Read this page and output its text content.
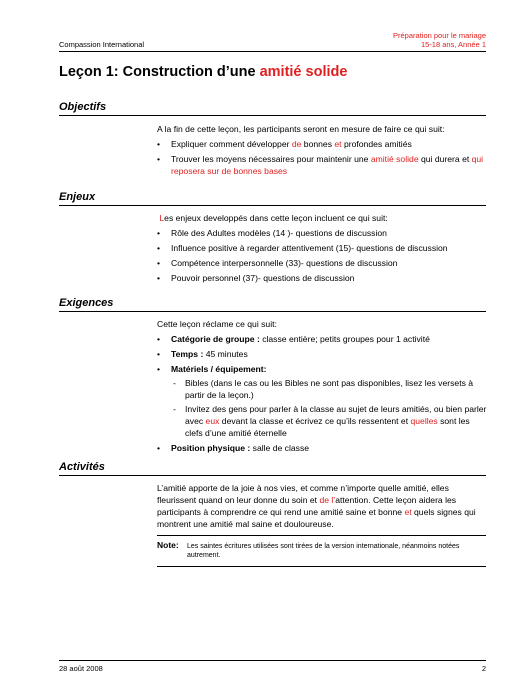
Compassion International
Préparation pour le mariage
15-18 ans, Année 1
Leçon 1: Construction d’une amitié solide
Objectifs

A la fin de cette leçon, les participants seront en mesure de faire ce qui suit:

• Expliquer comment développer de bonnes et profondes amitiés
• Trouver les moyens nécessaires pour maintenir une amitié solide qui durera et qui reposera sur de bonnes bases
Enjeux

Les enjeux developpés dans cette leçon incluent ce qui suit:

• Rôle des Adultes modèles (14 )- questions de discussion
• Influence positive à regarder attentivement (15)- questions de discussion
• Compétence interpersonnelle (33)- questions de discussion
• Pouvoir personnel (37)- questions de discussion
Exigences

Cette leçon réclame ce qui suit:

• Catégorie de groupe : classe entière; petits groupes pour 1 activité
• Temps : 45 minutes
• Matériels / équipement:
- Bibles (dans le cas ou les Bibles ne sont pas disponibles, lisez les versets à partir de la leçon.)
- Invitez des gens pour parler à la classe au sujet de leurs amitiés, ou bien parler avec eux devant la classe et écrivez ce qu’ils ressentent et quelles sont les clefs d’une amitié éternelle
• Position physique : salle de classe
Activités

L’amitié apporte de la joie à nos vies, et comme n’importe quelle amitié, elles fleurissent quand on leur donne du soin et de l’attention. Cette leçon aidera les participants à comprendre ce qui rend une amitié saine et bonne et quels signes qui montrent une amitié mal saine et douloureuse.

Note: Les saintes écritures utilisées sont tirées de la version internationale, néanmoins notées autrement.
28 août 2008	2
